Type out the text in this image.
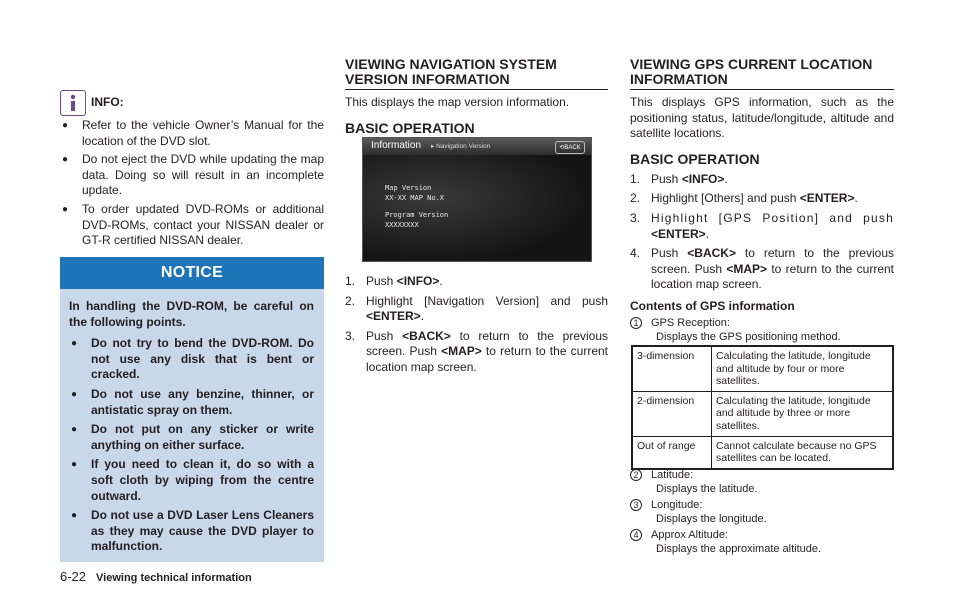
INFO:
● Refer to the vehicle Owner’s Manual for the location of the DVD slot.
● Do not eject the DVD while updating the map data. Doing so will result in an incomplete update.
● To order updated DVD-ROMs or additional DVD-ROMs, contact your NISSAN dealer or GT-R certified NISSAN dealer.
NOTICE

In handling the DVD-ROM, be careful on the following points.

● Do not try to bend the DVD-ROM. Do not use any disk that is bent or cracked.
● Do not use any benzine, thinner, or antistatic spray on them.
● Do not put on any sticker or write anything on either surface.
● If you need to clean it, do so with a soft cloth by wiping from the centre outward.
● Do not use a DVD Laser Lens Cleaners as they may cause the DVD player to malfunction.
6-22 Viewing technical information
VIEWING NAVIGATION SYSTEM VERSION INFORMATION

This displays the map version information.

BASIC OPERATION
Information ▸ Navigation Version	⟲ BACK
Map Version
XX-XX MAP No.X
Program Version
XXXXXXXX
1. Push <INFO>.
2. Highlight [Navigation Version] and push <ENTER>.
3. Push <BACK> to return to the previous screen. Push <MAP> to return to the current location map screen.
VIEWING GPS CURRENT LOCATION INFORMATION

This displays GPS information, such as the positioning status, latitude/longitude, altitude and satellite locations.

BASIC OPERATION
1. Push <INFO>.
2. Highlight [Others] and push <ENTER>.
3. Highlight [GPS Position] and push <ENTER>.
4. Push <BACK> to return to the previous screen. Push <MAP> to return to the current location map screen.
Contents of GPS information
1 GPS Reception:
Displays the GPS positioning method.
3-dimension	Calculating the latitude, longitude and altitude by four or more satellites.
2-dimension	Calculating the latitude, longitude and altitude by three or more satellites.
Out of range	Cannot calculate because no GPS satellites can be located.
2 Latitude:
Displays the latitude.
3 Longitude:
Displays the longitude.
4 Approx Altitude:
Displays the approximate altitude.
